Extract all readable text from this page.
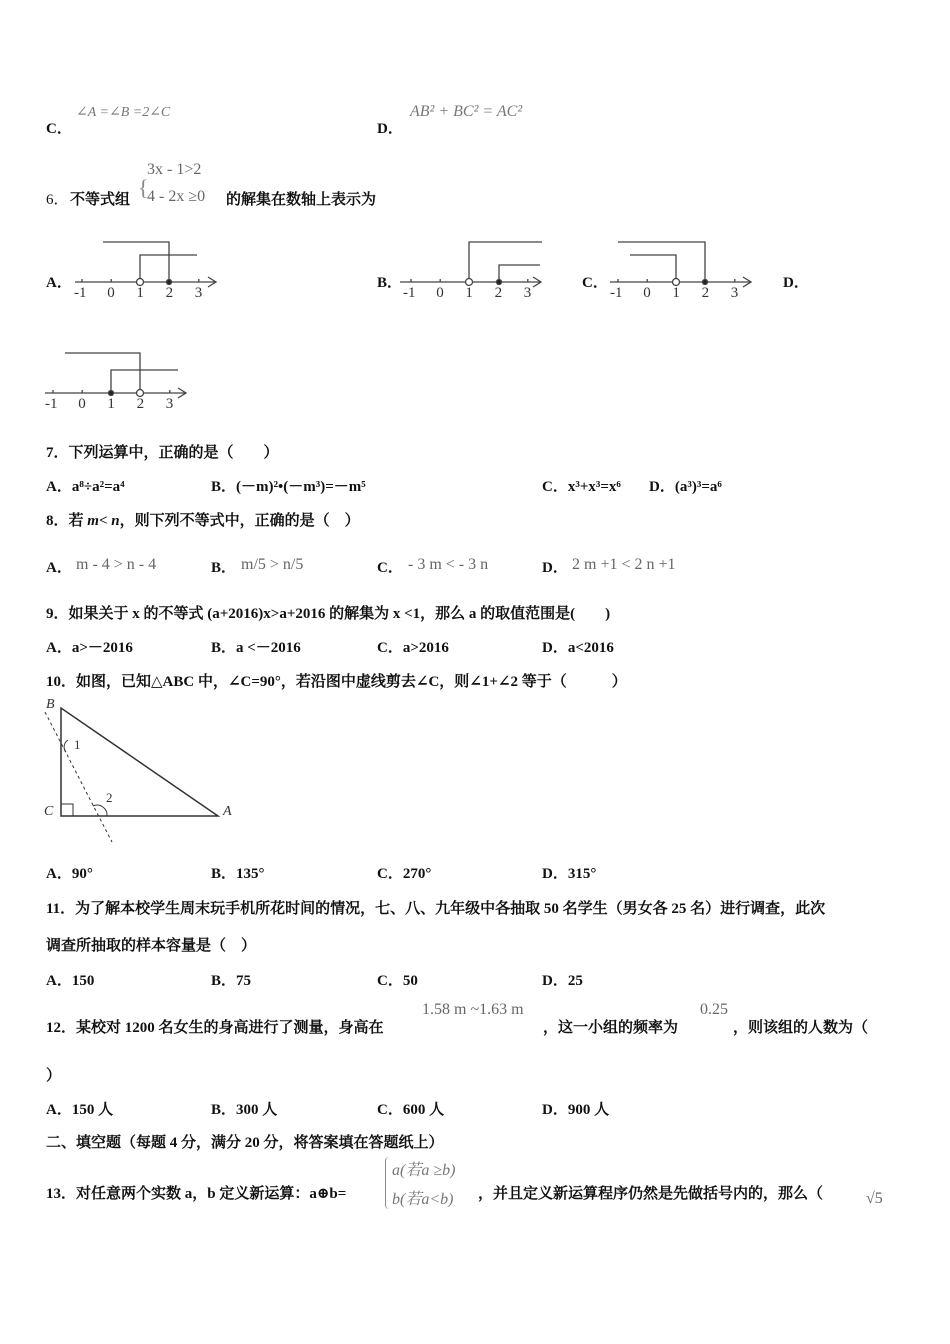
C．
∠A =∠B =2∠C
D．
AB² + BC² = AC²
6． 不等式组 {
3x - 1>2
4 - 2x ≥0 的解集在数轴上表示为
A．	B．	C．	D．
-1 0 1 2 3	-1 0 1 2 3	-1 0 1 2 3
-1 0 1 2 3
B
C	A
1
2
7．下列运算中，正确的是（　　）
A．a⁸÷a²=a⁴	B．(－m)²•(－m³)=－m⁵	C．x³+x³=x⁶ D．(a³)³=a⁶
8．若 m< n，则下列不等式中，正确的是（　）
A． m - 4 > n - 4	B． m/5 > n/5	C． - 3 m < - 3 n	D． 2 m +1 < 2 n +1
9．如果关于 x 的不等式 (a+2016)x>a+2016 的解集为 x <1，那么 a 的取值范围是(　　)
A．a>－2016	B．a <－2016	C．a>2016	D．a<2016
10．如图，已知△ABC 中，∠C=90°，若沿图中虚线剪去∠C，则∠1+∠2 等于（　　　）
A．90°	B．135°	C．270°	D．315°
11．为了解本校学生周末玩手机所花时间的情况，七、八、九年级中各抽取 50 名学生（男女各 25 名）进行调查，此次
调查所抽取的样本容量是（　）
A．150	B．75	C．50	D．25
12．某校对 1200 名女生的身高进行了测量，身高在
1.58 m ~1.63 m
，这一小组的频率为
0.25
，则该组的人数为（
）
A．150 人	B．300 人	C．600 人	D．900 人
二、填空题（每题 4 分，满分 20 分，将答案填在答题纸上）
13．对任意两个实数 a，b 定义新运算：a⊕b=
a(若a ≥b)
b(若a<b) ，并且定义新运算程序仍然是先做括号内的，那么（	√5
